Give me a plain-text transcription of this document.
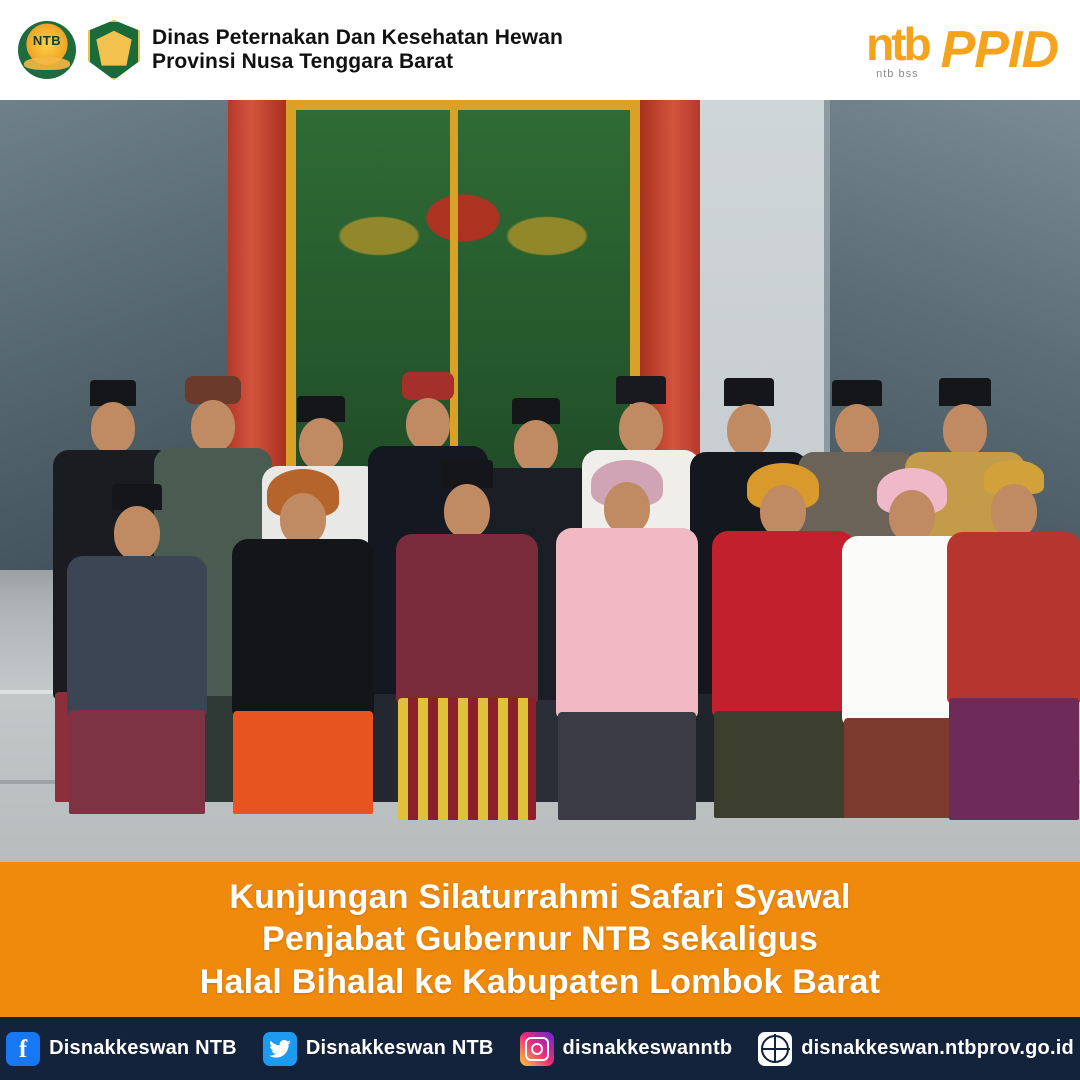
NTB	Dinas Peternakan Dan Kesehatan Hewan
Provinsi Nusa Tenggara Barat	ntb
ntb bss PPID
Kunjungan Silaturrahmi Safari Syawal
Penjabat Gubernur NTB sekaligus
Halal Bihalal ke Kabupaten Lombok Barat
f Disnakkeswan NTB	Disnakkeswan NTB	disnakkeswanntb	disnakkeswan.ntbprov.go.id
